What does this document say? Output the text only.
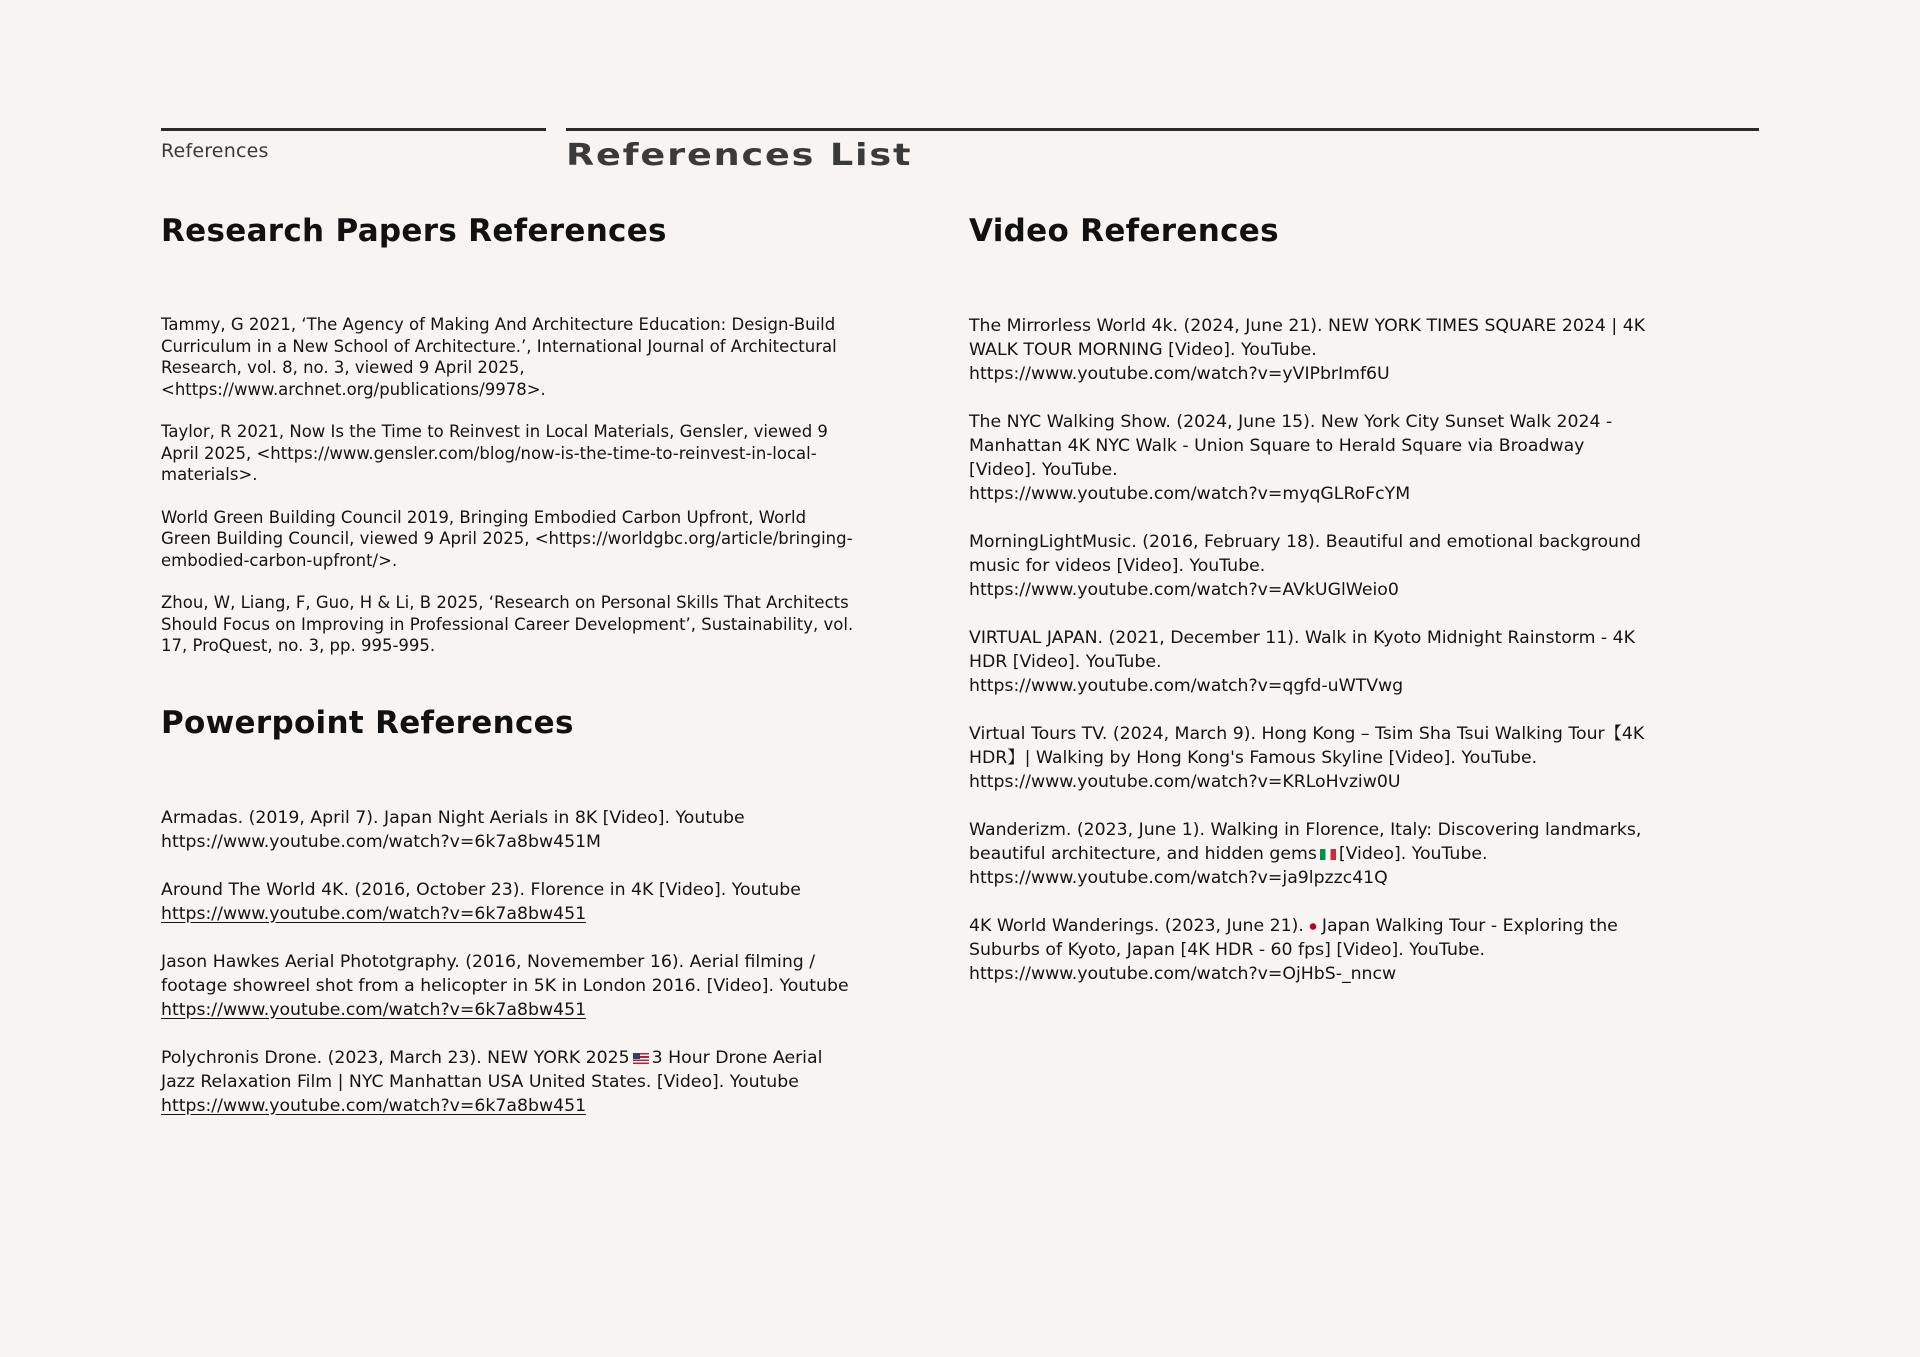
References	References List
Research Papers References
Tammy, G 2021, ‘The Agency of Making And Architecture Education: Design-Build Curriculum in a New School of Architecture.’, International Journal of Architectural Research, vol. 8, no. 3, viewed 9 April 2025, <https://www.archnet.org/publications/9978>.
Taylor, R 2021, Now Is the Time to Reinvest in Local Materials, Gensler, viewed 9 April 2025, <https://www.gensler.com/blog/now-is-the-time-to-reinvest-in-local-materials>.
World Green Building Council 2019, Bringing Embodied Carbon Upfront, World Green Building Council, viewed 9 April 2025, <https://worldgbc.org/article/bringing-embodied-carbon-upfront/>.
Zhou, W, Liang, F, Guo, H & Li, B 2025, ‘Research on Personal Skills That Architects Should Focus on Improving in Professional Career Development’, Sustainability, vol. 17, ProQuest, no. 3, pp. 995-995.
Powerpoint References
Armadas. (2019, April 7). Japan Night Aerials in 8K [Video]. Youtube
https://www.youtube.com/watch?v=6k7a8bw451M
Around The World 4K. (2016, October 23). Florence in 4K [Video]. Youtube
https://www.youtube.com/watch?v=6k7a8bw451
Jason Hawkes Aerial Phototgraphy. (2016, Novemember 16). Aerial filming / footage showreel shot from a helicopter in 5K in London 2016. [Video]. Youtube
https://www.youtube.com/watch?v=6k7a8bw451
Polychronis Drone. (2023, March 23). NEW YORK 2025 3 Hour Drone Aerial Jazz Relaxation Film | NYC Manhattan USA United States. [Video]. Youtube
https://www.youtube.com/watch?v=6k7a8bw451
Video References
The Mirrorless World 4k. (2024, June 21). NEW YORK TIMES SQUARE 2024 | 4K WALK TOUR MORNING [Video]. YouTube.
https://www.youtube.com/watch?v=yVIPbrImf6U
The NYC Walking Show. (2024, June 15). New York City Sunset Walk 2024 - Manhattan 4K NYC Walk - Union Square to Herald Square via Broadway [Video]. YouTube.
https://www.youtube.com/watch?v=myqGLRoFcYM
MorningLightMusic. (2016, February 18). Beautiful and emotional background music for videos [Video]. YouTube.
https://www.youtube.com/watch?v=AVkUGlWeio0
VIRTUAL JAPAN. (2021, December 11). Walk in Kyoto Midnight Rainstorm - 4K HDR [Video]. YouTube.
https://www.youtube.com/watch?v=qgfd-uWTVwg
Virtual Tours TV. (2024, March 9). Hong Kong – Tsim Sha Tsui Walking Tour【4K HDR】| Walking by Hong Kong's Famous Skyline [Video]. YouTube.
https://www.youtube.com/watch?v=KRLoHvziw0U
Wanderizm. (2023, June 1). Walking in Florence, Italy: Discovering landmarks, beautiful architecture, and hidden gems [Video]. YouTube.
https://www.youtube.com/watch?v=ja9lpzzc41Q
4K World Wanderings. (2023, June 21). Japan Walking Tour - Exploring the Suburbs of Kyoto, Japan [4K HDR - 60 fps] [Video]. YouTube.
https://www.youtube.com/watch?v=OjHbS-_nncw
